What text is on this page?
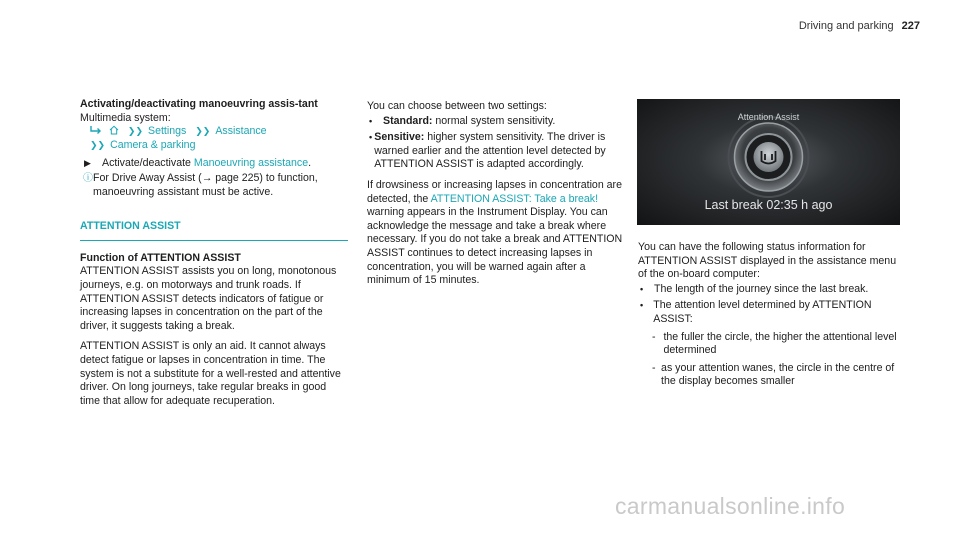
Driving and parking 227

Activating/deactivating manoeuvring assis-tant

Multimedia system:

❯❯ Settings ❯❯ Assistance

❯❯ Camera & parking

▶	Activate/deactivate Manoeuvring assistance.
ⓘ For Drive Away Assist (→ page 225) to function, manoeuvring assistant must be active.
ATTENTION ASSIST

Function of ATTENTION ASSIST

ATTENTION ASSIST assists you on long, monotonous journeys, e.g. on motorways and trunk roads. If ATTENTION ASSIST detects indicators of fatigue or increasing lapses in concentration on the part of the driver, it suggests taking a break.

ATTENTION ASSIST is only an aid. It cannot always detect fatigue or lapses in concentration in time. The system is not a substitute for a well-rested and attentive driver. On long journeys, take regular breaks in good time that allow for adequate recuperation.

You can choose between two settings:

•	Standard: normal system sensitivity.
• Sensitive: higher system sensitivity. The driver is warned earlier and the attention level detected by ATTENTION ASSIST is adapted accordingly.

If drowsiness or increasing lapses in concentration are detected, the ATTENTION ASSIST: Take a break! warning appears in the Instrument Display. You can acknowledge the message and take a break where necessary. If you do not take a break and ATTENTION ASSIST continues to detect increasing lapses in concentration, you will be warned again after a minimum of 15 minutes.

Attention Assist
Last break 02:35 h ago

You can have the following status information for ATTENTION ASSIST displayed in the assistance menu of the on-board computer:

•	The length of the journey since the last break.
• The attention level determined by ATTENTION ASSIST:
- the fuller the circle, the higher the attentional level determined
- as your attention wanes, the circle in the centre of the display becomes smaller
carmanualsonline.info
